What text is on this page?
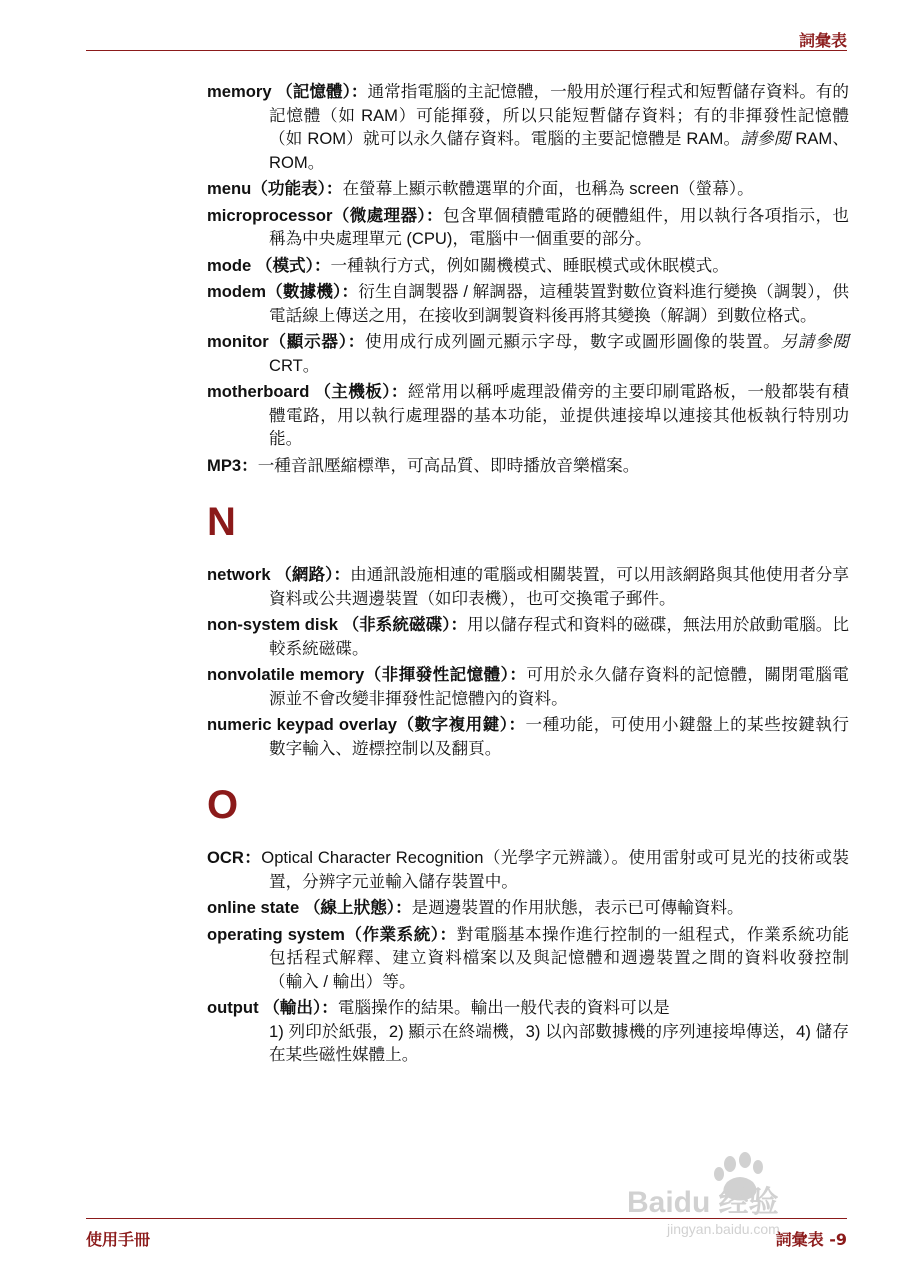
詞彙表
memory （記憶體）：通常指電腦的主記憶體，一般用於運行程式和短暫儲存資料。有的記憶體（如 RAM）可能揮發，所以只能短暫儲存資料；有的非揮發性記憶體（如 ROM）就可以永久儲存資料。電腦的主要記憶體是 RAM。請參閱 RAM、ROM。
menu（功能表）：在螢幕上顯示軟體選單的介面，也稱為 screen（螢幕）。
microprocessor（微處理器）：包含單個積體電路的硬體組件，用以執行各項指示，也稱為中央處理單元 (CPU)，電腦中一個重要的部分。
mode （模式）：一種執行方式，例如關機模式、睡眠模式或休眠模式。
modem（數據機）：衍生自調製器 / 解調器，這種裝置對數位資料進行變換（調製），供電話線上傳送之用，在接收到調製資料後再將其變換（解調）到數位格式。
monitor（顯示器）：使用成行成列圖元顯示字母，數字或圖形圖像的裝置。另請參閱 CRT。
motherboard （主機板）：經常用以稱呼處理設備旁的主要印刷電路板，一般都裝有積體電路，用以執行處理器的基本功能，並提供連接埠以連接其他板執行特別功能。
MP3：一種音訊壓縮標準，可高品質、即時播放音樂檔案。
N
network （網路）：由通訊設施相連的電腦或相關裝置，可以用該網路與其他使用者分享資料或公共週邊裝置（如印表機），也可交換電子郵件。
non-system disk （非系統磁碟）：用以儲存程式和資料的磁碟，無法用於啟動電腦。比較系統磁碟。
nonvolatile memory（非揮發性記憶體）：可用於永久儲存資料的記憶體，關閉電腦電源並不會改變非揮發性記憶體內的資料。
numeric keypad overlay（數字複用鍵）：一種功能，可使用小鍵盤上的某些按鍵執行數字輸入、遊標控制以及翻頁。
O
OCR：Optical Character Recognition（光學字元辨識）。使用雷射或可見光的技術或裝置，分辨字元並輸入儲存裝置中。
online state （線上狀態）：是週邊裝置的作用狀態，表示已可傳輸資料。
operating system（作業系統）：對電腦基本操作進行控制的一組程式，作業系統功能包括程式解釋、建立資料檔案以及與記憶體和週邊裝置之間的資料收發控制 （輸入 / 輸出）等。
output （輸出）：電腦操作的結果。輸出一般代表的資料可以是
1) 列印於紙張，2) 顯示在終端機，3) 以內部數據機的序列連接埠傳送，4) 儲存在某些磁性媒體上。
使用手冊	詞彙表 -9
Baidu 经验
jingyan.baidu.com
